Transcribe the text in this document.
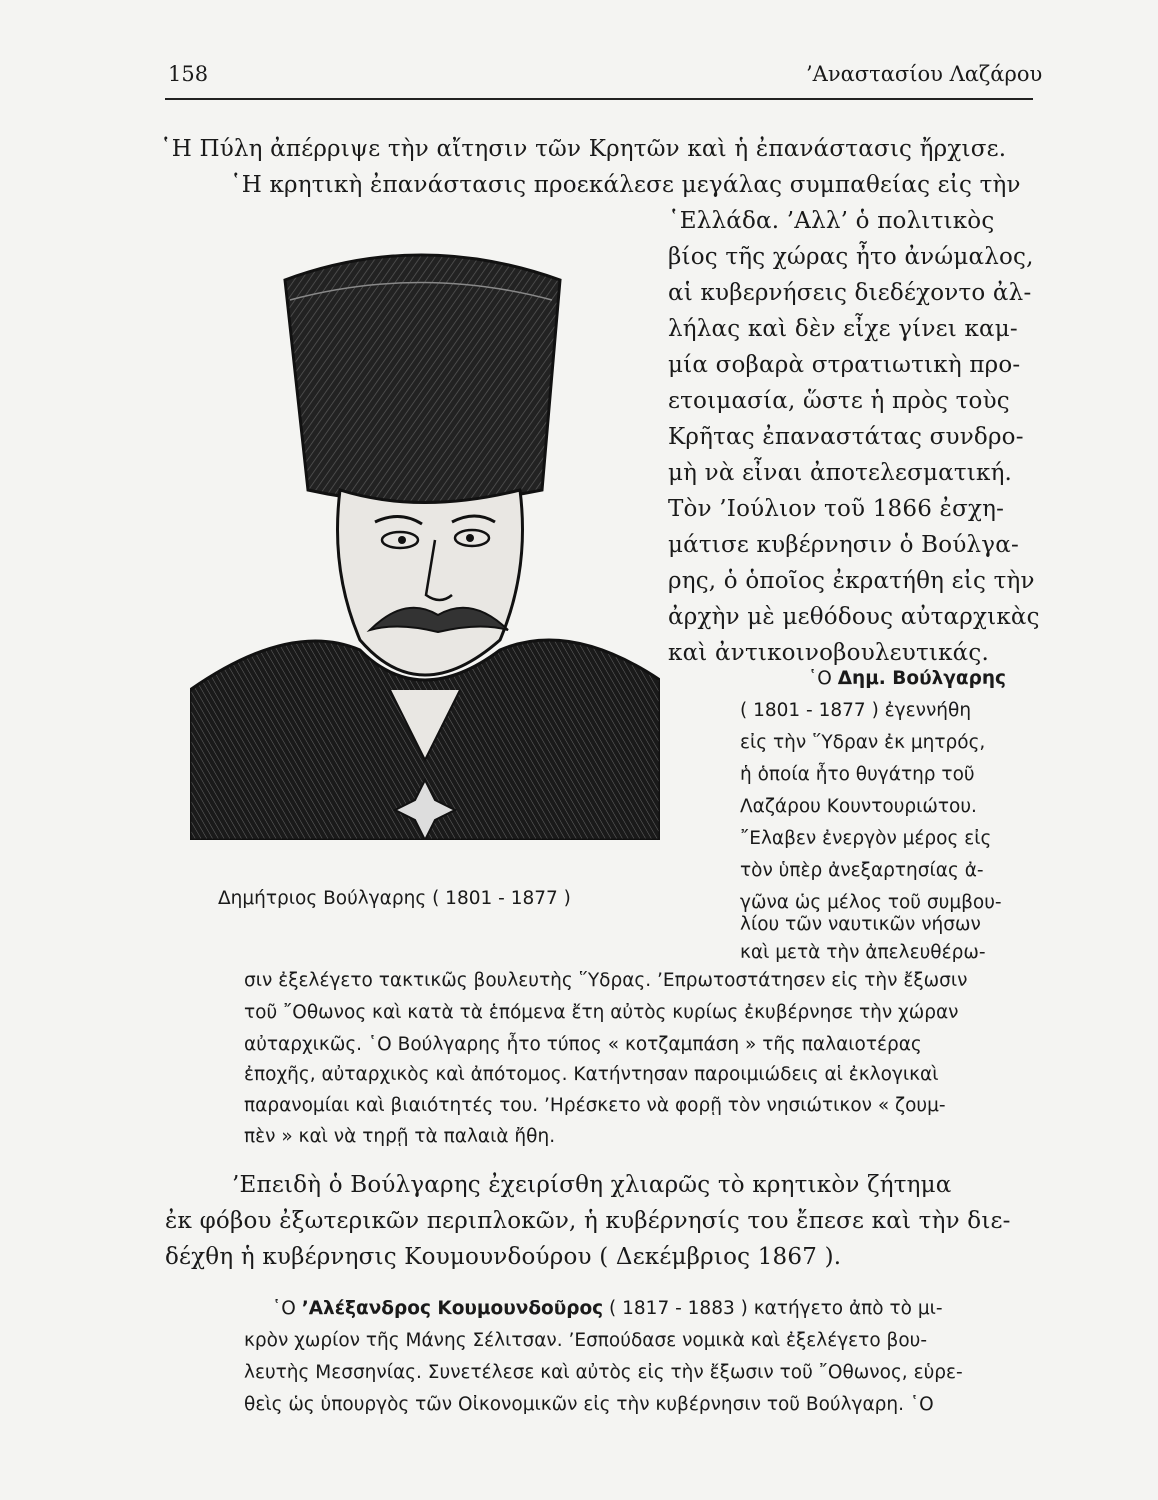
158	’Αναστασίου Λαζάρου
῾Η Πύλη ἀπέρριψε τὴν αἴτησιν τῶν Κρητῶν καὶ ἡ ἐπανάστασις ἤρχισε.
῾Η κρητικὴ ἐπανάστασις προεκάλεσε μεγάλας συμπαθείας εἰς τὴν
῾Ελλάδα. ’Αλλ’ ὁ πολιτικὸς
βίος τῆς χώρας ἦτο ἀνώμαλος,
αἱ κυβερνήσεις διεδέχοντο ἀλ-
λήλας καὶ δὲν εἶχε γίνει καμ-
μία σοβαρὰ στρατιωτικὴ προ-
ετοιμασία, ὥστε ἡ πρὸς τοὺς
Κρῆτας ἐπαναστάτας συνδρο-
μὴ νὰ εἶναι ἀποτελεσματική.
Τὸν ’Ιούλιον τοῦ 1866 ἐσχη-
μάτισε κυβέρνησιν ὁ Βούλγα-
ρης, ὁ ὁποῖος ἐκρατήθη εἰς τὴν
ἀρχὴν μὲ μεθόδους αὐταρχικὰς
καὶ ἀντικοινοβουλευτικάς.
῾Ο Δημ. Βούλγαρης
( 1801 - 1877 ) ἐγεννήθη
εἰς τὴν ῞Υδραν ἐκ μητρός,
ἡ ὁποία ἦτο θυγάτηρ τοῦ
Λαζάρου Κουντουριώτου.
῎Ελαβεν ἐνεργὸν μέρος εἰς
τὸν ὑπὲρ ἀνεξαρτησίας ἀ-
γῶνα ὡς μέλος τοῦ συμβου-
λίου τῶν ναυτικῶν νήσων
καὶ μετὰ τὴν ἀπελευθέρω-
Δημήτριος Βούλγαρης ( 1801 - 1877 )
σιν ἐξελέγετο τακτικῶς βουλευτὴς ῞Υδρας. ’Επρωτοστάτησεν εἰς τὴν ἔξωσιν
τοῦ ῎Οθωνος καὶ κατὰ τὰ ἑπόμενα ἔτη αὐτὸς κυρίως ἐκυβέρνησε τὴν χώραν
αὐταρχικῶς. ῾Ο Βούλγαρης ἦτο τύπος « κοτζαμπάση » τῆς παλαιοτέρας
ἐποχῆς, αὐταρχικὸς καὶ ἀπότομος. Κατήντησαν παροιμιώδεις αἱ ἐκλογικαὶ
παρανομίαι καὶ βιαιότητές του. ’Ηρέσκετο νὰ φορῇ τὸν νησιώτικον « ζουμ-
πὲν » καὶ νὰ τηρῇ τὰ παλαιὰ ἤθη.
’Επειδὴ ὁ Βούλγαρης ἐχειρίσθη χλιαρῶς τὸ κρητικὸν ζήτημα
ἐκ φόβου ἐξωτερικῶν περιπλοκῶν, ἡ κυβέρνησίς του ἔπεσε καὶ τὴν διε-
δέχθη ἡ κυβέρνησις Κουμουνδούρου ( Δεκέμβριος 1867 ).
῾Ο ’Αλέξανδρος Κουμουνδοῦρος ( 1817 - 1883 ) κατήγετο ἀπὸ τὸ μι-
κρὸν χωρίον τῆς Μάνης Σέλιτσαν. ’Εσπούδασε νομικὰ καὶ ἐξελέγετο βου-
λευτὴς Μεσσηνίας. Συνετέλεσε καὶ αὐτὸς εἰς τὴν ἔξωσιν τοῦ ῎Οθωνος, εὑρε-
θεὶς ὡς ὑπουργὸς τῶν Οἰκονομικῶν εἰς τὴν κυβέρνησιν τοῦ Βούλγαρη. ῾Ο
